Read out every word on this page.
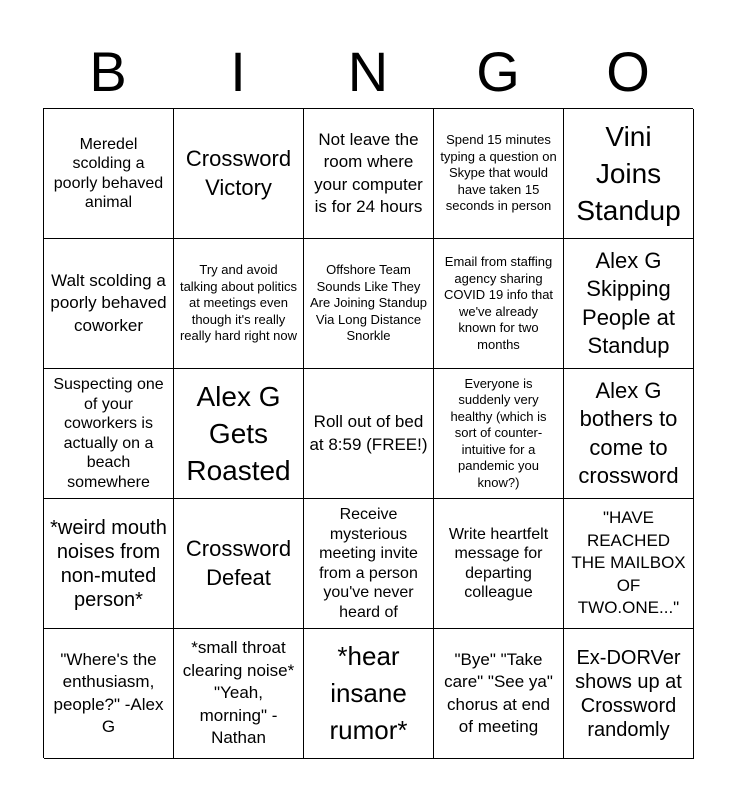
B	I	N	G	O
Meredel scolding a poorly behaved animal
Crossword Victory
Not leave the room where your computer is for 24 hours
Spend 15 minutes typing a question on Skype that would have taken 15 seconds in person
Vini Joins Standup
Walt scolding a poorly behaved coworker
Try and avoid talking about politics at meetings even though it's really really hard right now
Offshore Team Sounds Like They Are Joining Standup Via Long Distance Snorkle
Email from staffing agency sharing COVID 19 info that we've already known for two months
Alex G Skipping People at Standup
Suspecting one of your coworkers is actually on a beach somewhere
Alex G Gets Roasted
Roll out of bed at 8:59 (FREE!)
Everyone is suddenly very healthy (which is sort of counter-intuitive for a pandemic you know?)
Alex G bothers to come to crossword
*weird mouth noises from non-muted person*
Crossword Defeat
Receive mysterious meeting invite from a person you've never heard of
Write heartfelt message for departing colleague
"HAVE REACHED THE MAILBOX OF TWO.ONE..."
"Where's the enthusiasm, people?" -Alex G
*small throat clearing noise* "Yeah, morning" -Nathan
*hear insane rumor*
"Bye" "Take care" "See ya" chorus at end of meeting
Ex-DORVer shows up at Crossword randomly
